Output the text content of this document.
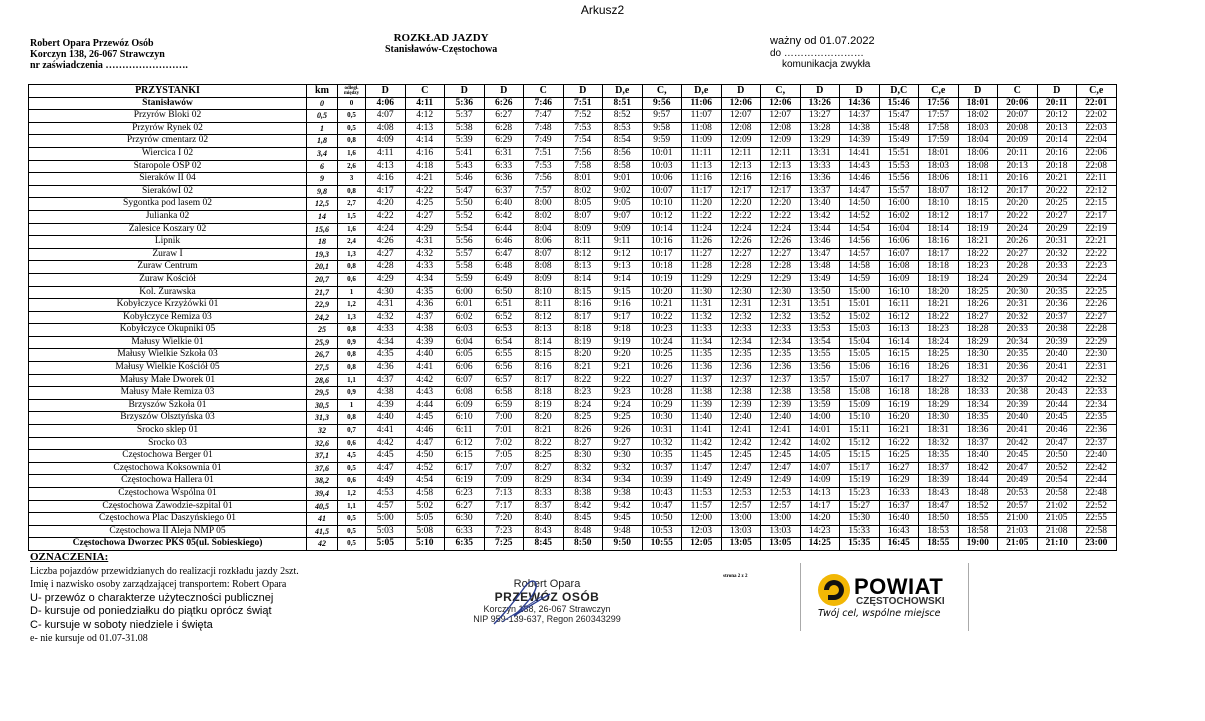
Arkusz2
Robert Opara Przewóz Osób
Korczyn 138, 26-067 Strawczyn
nr zaświadczenia …………………….
ROZKŁAD JAZDY
Stanisławów-Częstochowa
ważny od 01.07.2022
do ……………………
komunikacja zwykła
PRZYSTANKI	km	odległ. między	D	C	D	D	C	D	D,e	C,	D,e	D	C,	D	D	D,C	C,e	D	C	D	C,e
Stanisławów	0	0	4:06	4:11	5:36	6:26	7:46	7:51	8:51	9:56	11:06	12:06	12:06	13:26	14:36	15:46	17:56	18:01	20:06	20:11	22:01
Przyrów Bloki 02	0,5	0,5	4:07	4:12	5:37	6:27	7:47	7:52	8:52	9:57	11:07	12:07	12:07	13:27	14:37	15:47	17:57	18:02	20:07	20:12	22:02
Przyrów Rynek 02	1	0,5	4:08	4:13	5:38	6:28	7:48	7:53	8:53	9:58	11:08	12:08	12:08	13:28	14:38	15:48	17:58	18:03	20:08	20:13	22:03
Przyrów cmentarz 02	1,8	0,8	4:09	4:14	5:39	6:29	7:49	7:54	8:54	9:59	11:09	12:09	12:09	13:29	14:39	15:49	17:59	18:04	20:09	20:14	22:04
Wiercica I 02	3,4	1,6	4:11	4:16	5:41	6:31	7:51	7:56	8:56	10:01	11:11	12:11	12:11	13:31	14:41	15:51	18:01	18:06	20:11	20:16	22:06
Staropole OSP 02	6	2,6	4:13	4:18	5:43	6:33	7:53	7:58	8:58	10:03	11:13	12:13	12:13	13:33	14:43	15:53	18:03	18:08	20:13	20:18	22:08
Sieraków II 04	9	3	4:16	4:21	5:46	6:36	7:56	8:01	9:01	10:06	11:16	12:16	12:16	13:36	14:46	15:56	18:06	18:11	20:16	20:21	22:11
SierakówI 02	9,8	0,8	4:17	4:22	5:47	6:37	7:57	8:02	9:02	10:07	11:17	12:17	12:17	13:37	14:47	15:57	18:07	18:12	20:17	20:22	22:12
Sygontka pod lasem 02	12,5	2,7	4:20	4:25	5:50	6:40	8:00	8:05	9:05	10:10	11:20	12:20	12:20	13:40	14:50	16:00	18:10	18:15	20:20	20:25	22:15
Julianka 02	14	1,5	4:22	4:27	5:52	6:42	8:02	8:07	9:07	10:12	11:22	12:22	12:22	13:42	14:52	16:02	18:12	18:17	20:22	20:27	22:17
Zalesice Koszary 02	15,6	1,6	4:24	4:29	5:54	6:44	8:04	8:09	9:09	10:14	11:24	12:24	12:24	13:44	14:54	16:04	18:14	18:19	20:24	20:29	22:19
Lipnik	18	2,4	4:26	4:31	5:56	6:46	8:06	8:11	9:11	10:16	11:26	12:26	12:26	13:46	14:56	16:06	18:16	18:21	20:26	20:31	22:21
Żuraw I	19,3	1,3	4:27	4:32	5:57	6:47	8:07	8:12	9:12	10:17	11:27	12:27	12:27	13:47	14:57	16:07	18:17	18:22	20:27	20:32	22:22
Żuraw Centrum	20,1	0,8	4:28	4:33	5:58	6:48	8:08	8:13	9:13	10:18	11:28	12:28	12:28	13:48	14:58	16:08	18:18	18:23	20:28	20:33	22:23
Żuraw Kościół	20,7	0,6	4:29	4:34	5:59	6:49	8:09	8:14	9:14	10:19	11:29	12:29	12:29	13:49	14:59	16:09	18:19	18:24	20:29	20:34	22:24
Kol. Żurawska	21,7	1	4:30	4:35	6:00	6:50	8:10	8:15	9:15	10:20	11:30	12:30	12:30	13:50	15:00	16:10	18:20	18:25	20:30	20:35	22:25
Kobyłczyce Krzyżówki 01	22,9	1,2	4:31	4:36	6:01	6:51	8:11	8:16	9:16	10:21	11:31	12:31	12:31	13:51	15:01	16:11	18:21	18:26	20:31	20:36	22:26
Kobyłczyce Remiza 03	24,2	1,3	4:32	4:37	6:02	6:52	8:12	8:17	9:17	10:22	11:32	12:32	12:32	13:52	15:02	16:12	18:22	18:27	20:32	20:37	22:27
Kobyłczyce Okupniki 05	25	0,8	4:33	4:38	6:03	6:53	8:13	8:18	9:18	10:23	11:33	12:33	12:33	13:53	15:03	16:13	18:23	18:28	20:33	20:38	22:28
Małusy Wielkie 01	25,9	0,9	4:34	4:39	6:04	6:54	8:14	8:19	9:19	10:24	11:34	12:34	12:34	13:54	15:04	16:14	18:24	18:29	20:34	20:39	22:29
Małusy Wielkie Szkoła 03	26,7	0,8	4:35	4:40	6:05	6:55	8:15	8:20	9:20	10:25	11:35	12:35	12:35	13:55	15:05	16:15	18:25	18:30	20:35	20:40	22:30
Małusy Wielkie Kościół 05	27,5	0,8	4:36	4:41	6:06	6:56	8:16	8:21	9:21	10:26	11:36	12:36	12:36	13:56	15:06	16:16	18:26	18:31	20:36	20:41	22:31
Małusy Małe Dworek 01	28,6	1,1	4:37	4:42	6:07	6:57	8:17	8:22	9:22	10:27	11:37	12:37	12:37	13:57	15:07	16:17	18:27	18:32	20:37	20:42	22:32
Małusy Małe Remiza 03	29,5	0,9	4:38	4:43	6:08	6:58	8:18	8:23	9:23	10:28	11:38	12:38	12:38	13:58	15:08	16:18	18:28	18:33	20:38	20:43	22:33
Brzyszów Szkoła 01	30,5	1	4:39	4:44	6:09	6:59	8:19	8:24	9:24	10:29	11:39	12:39	12:39	13:59	15:09	16:19	18:29	18:34	20:39	20:44	22:34
Brzyszów Olsztyńska 03	31,3	0,8	4:40	4:45	6:10	7:00	8:20	8:25	9:25	10:30	11:40	12:40	12:40	14:00	15:10	16:20	18:30	18:35	20:40	20:45	22:35
Srocko sklep 01	32	0,7	4:41	4:46	6:11	7:01	8:21	8:26	9:26	10:31	11:41	12:41	12:41	14:01	15:11	16:21	18:31	18:36	20:41	20:46	22:36
Srocko 03	32,6	0,6	4:42	4:47	6:12	7:02	8:22	8:27	9:27	10:32	11:42	12:42	12:42	14:02	15:12	16:22	18:32	18:37	20:42	20:47	22:37
Częstochowa Berger 01	37,1	4,5	4:45	4:50	6:15	7:05	8:25	8:30	9:30	10:35	11:45	12:45	12:45	14:05	15:15	16:25	18:35	18:40	20:45	20:50	22:40
Częstochowa Koksownia 01	37,6	0,5	4:47	4:52	6:17	7:07	8:27	8:32	9:32	10:37	11:47	12:47	12:47	14:07	15:17	16:27	18:37	18:42	20:47	20:52	22:42
Częstochowa Hallera 01	38,2	0,6	4:49	4:54	6:19	7:09	8:29	8:34	9:34	10:39	11:49	12:49	12:49	14:09	15:19	16:29	18:39	18:44	20:49	20:54	22:44
Częstochowa Wspólna 01	39,4	1,2	4:53	4:58	6:23	7:13	8:33	8:38	9:38	10:43	11:53	12:53	12:53	14:13	15:23	16:33	18:43	18:48	20:53	20:58	22:48
Częstochowa Zawodzie-szpital 01	40,5	1,1	4:57	5:02	6:27	7:17	8:37	8:42	9:42	10:47	11:57	12:57	12:57	14:17	15:27	16:37	18:47	18:52	20:57	21:02	22:52
Częstochowa Plac Daszyńskiego 01	41	0,5	5:00	5:05	6:30	7:20	8:40	8:45	9:45	10:50	12:00	13:00	13:00	14:20	15:30	16:40	18:50	18:55	21:00	21:05	22:55
Częstochowa II Aleja NMP 05	41,5	0,5	5:03	5:08	6:33	7:23	8:43	8:48	9:48	10:53	12:03	13:03	13:03	14:23	15:33	16:43	18:53	18:58	21:03	21:08	22:58
Częstochowa Dworzec PKS 05(ul. Sobieskiego)	42	0,5	5:05	5:10	6:35	7:25	8:45	8:50	9:50	10:55	12:05	13:05	13:05	14:25	15:35	16:45	18:55	19:00	21:05	21:10	23:00
OZNACZENIA:
Liczba pojazdów przewidzianych do realizacji rozkładu jazdy 2szt.
Imię i nazwisko osoby zarządzającej transportem: Robert Opara
U- przewóz o charakterze użyteczności publicznej
D- kursuje od poniedziałku do piątku oprócz świąt
C- kursuje w soboty niedziele i święta
e- nie kursuje od 01.07-31.08
Robert Opara
PRZEWÓZ OSÓB
Korczyn 138, 26-067 Strawczyn
NIP 959-139-637, Regon 260343299
strona 2 z 2	POWIAT
CZĘSTOCHOWSKI
Twój cel, wspólne miejsce
